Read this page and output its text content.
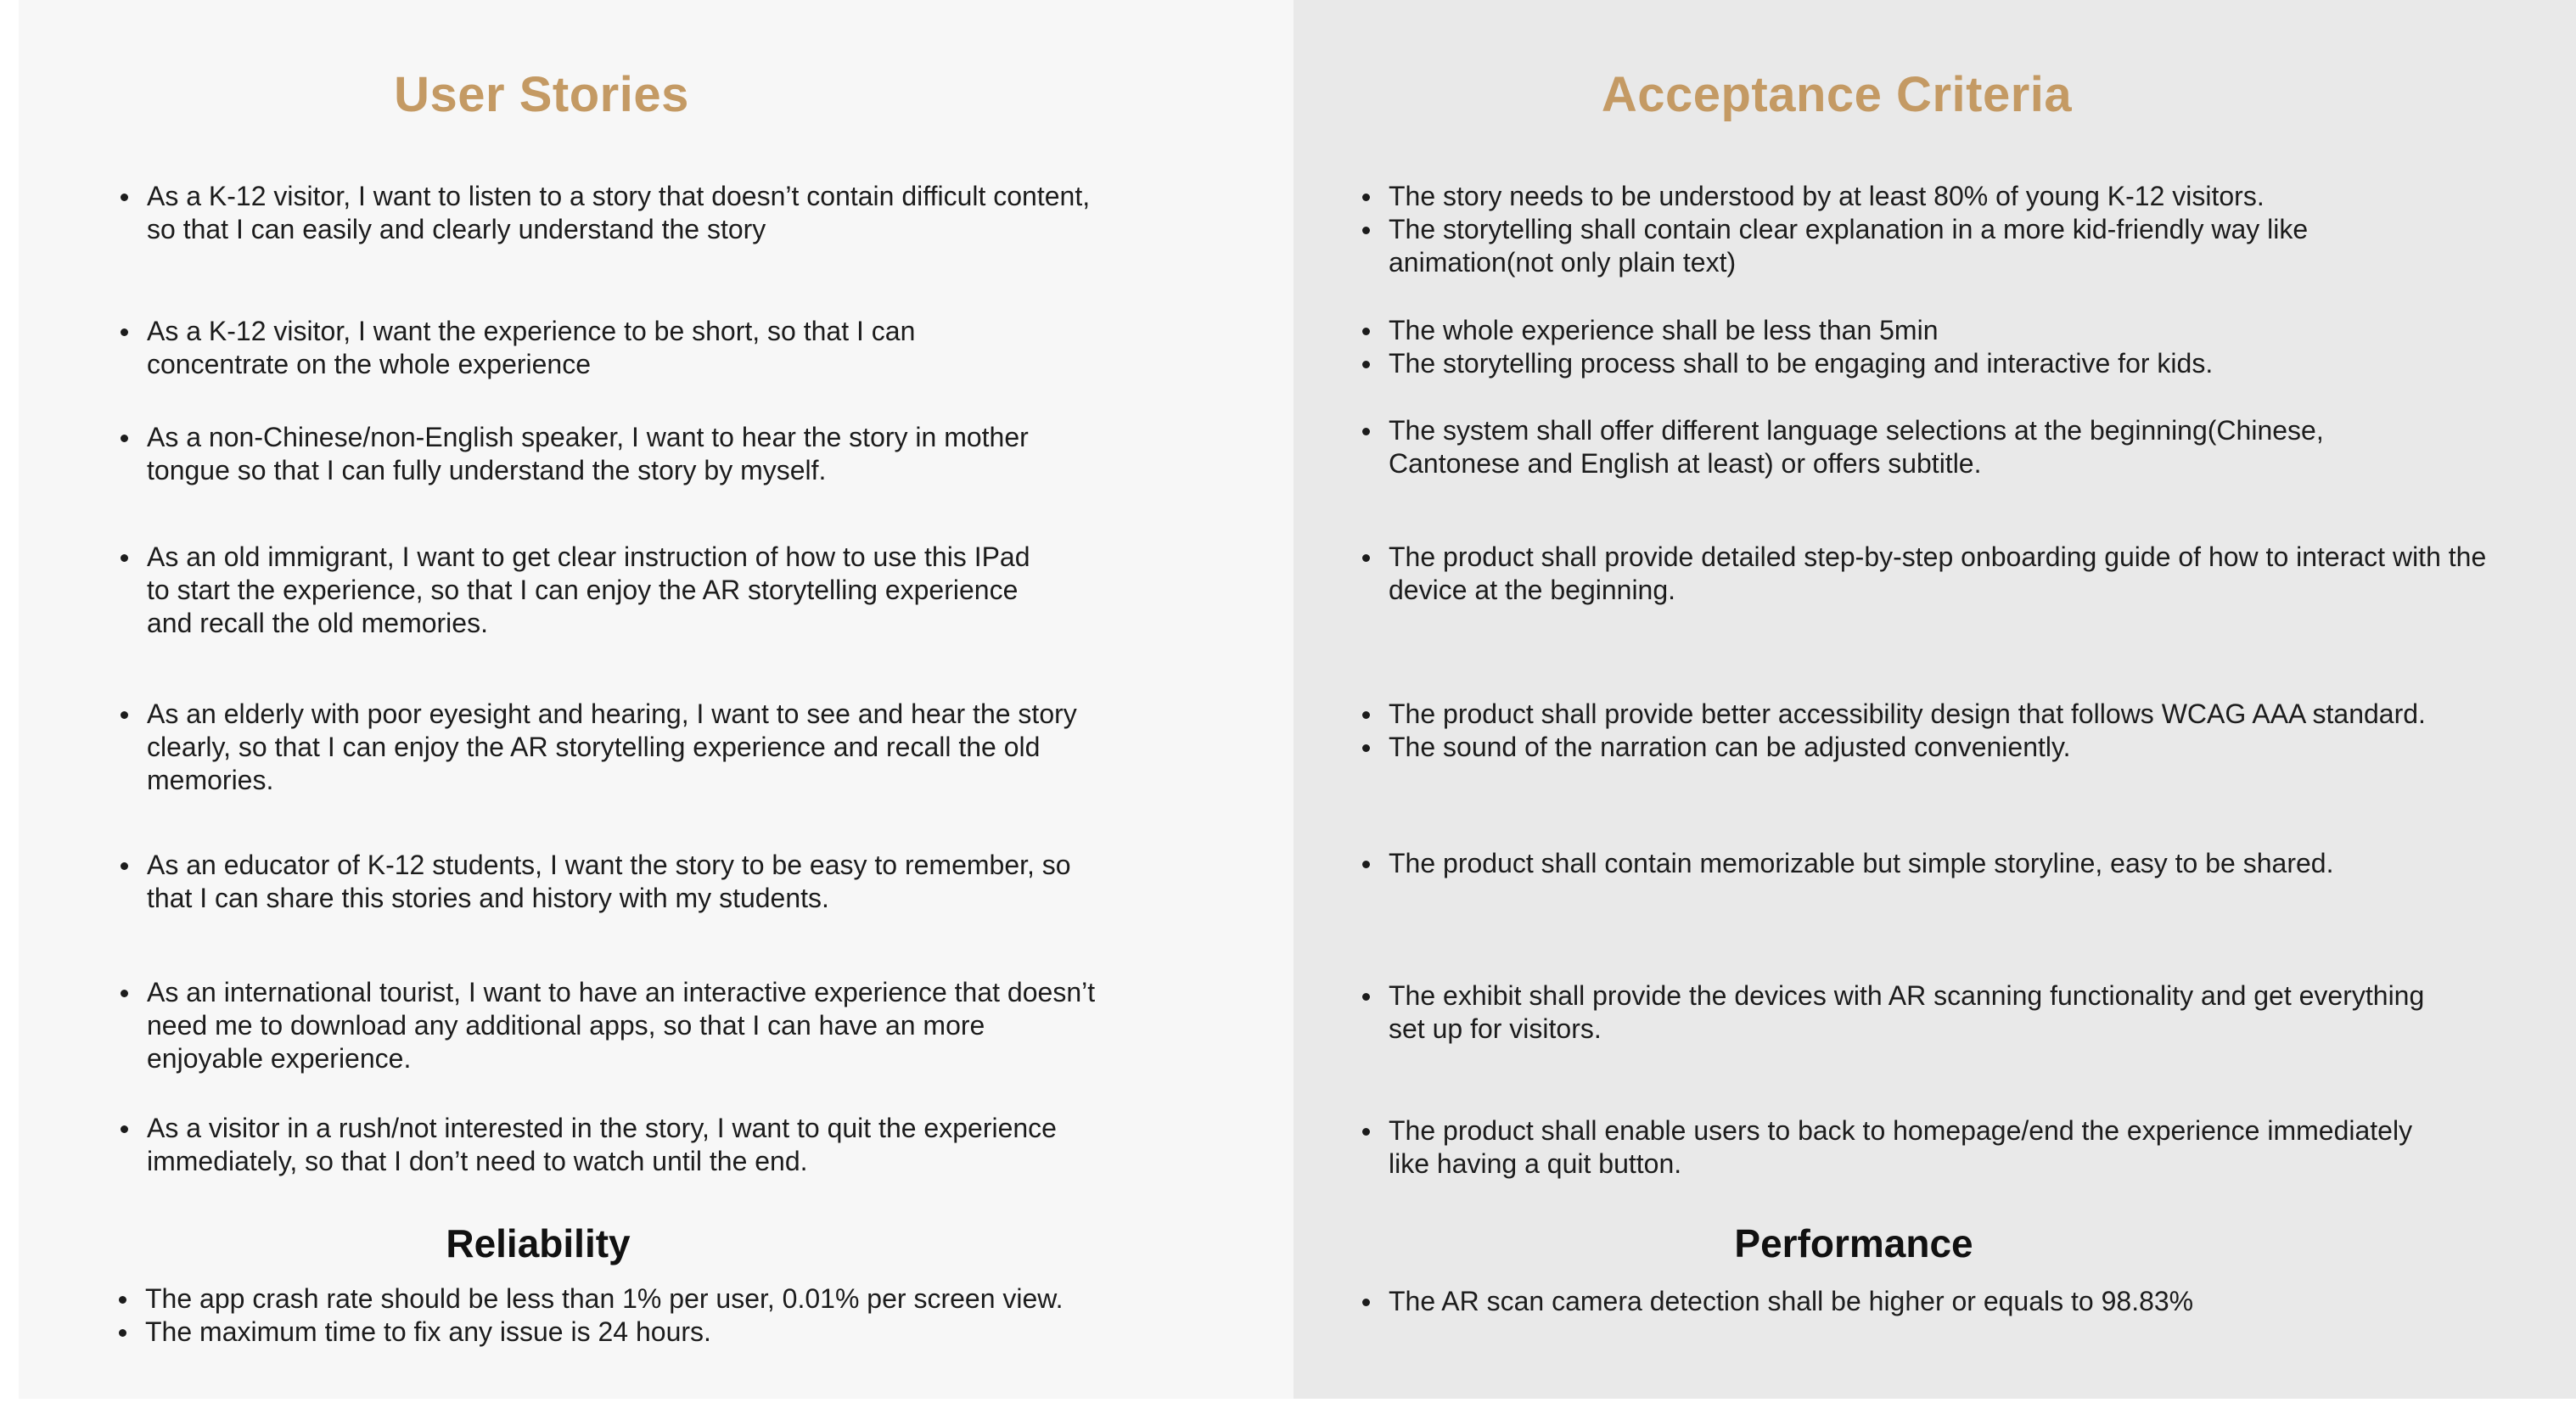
User Stories	Acceptance Criteria
As a K-12 visitor, I want to listen to a story that doesn’t contain difficult content, so that I can easily and clearly understand the story
As a K-12 visitor, I want the experience to be short, so that I can concentrate on the whole experience
As a non-Chinese/non-English speaker, I want to hear the story in mother tongue so that I can fully understand the story by myself.
As an old immigrant, I want to get clear instruction of how to use this IPad to start the experience, so that I can enjoy the AR storytelling experience and recall the old memories.
As an elderly with poor eyesight and hearing, I want to see and hear the story clearly, so that I can enjoy the AR storytelling experience and recall the old memories.
As an educator of K-12 students, I want the story to be easy to remember, so that I can share this stories and history with my students.
As an international tourist, I want to have an interactive experience that doesn’t need me to download any additional apps, so that I can have an more enjoyable experience.
As a visitor in a rush/not interested in the story, I want to quit the experience immediately, so that I don’t need to watch until the end.
The story needs to be understood by at least 80% of young K-12 visitors.
The storytelling shall contain clear explanation in a more kid-friendly way like animation(not only plain text)
The whole experience shall be less than 5min
The storytelling process shall to be engaging and interactive for kids.
The system shall offer different language selections at the beginning(Chinese, Cantonese and English at least) or offers subtitle.
The product shall provide detailed step-by-step onboarding guide of how to interact with the device at the beginning.
The product shall provide better accessibility design that follows WCAG AAA standard.
The sound of the narration can be adjusted conveniently.
The product shall contain memorizable but simple storyline, easy to be shared.
The exhibit shall provide the devices with AR scanning functionality and get everything set up for visitors.
The product shall enable users to back to homepage/end the experience immediately like having a quit button.
Reliability
The app crash rate should be less than 1% per user, 0.01% per screen view.
The maximum time to fix any issue is 24 hours.
Performance
The AR scan camera detection shall be higher or equals to 98.83%
